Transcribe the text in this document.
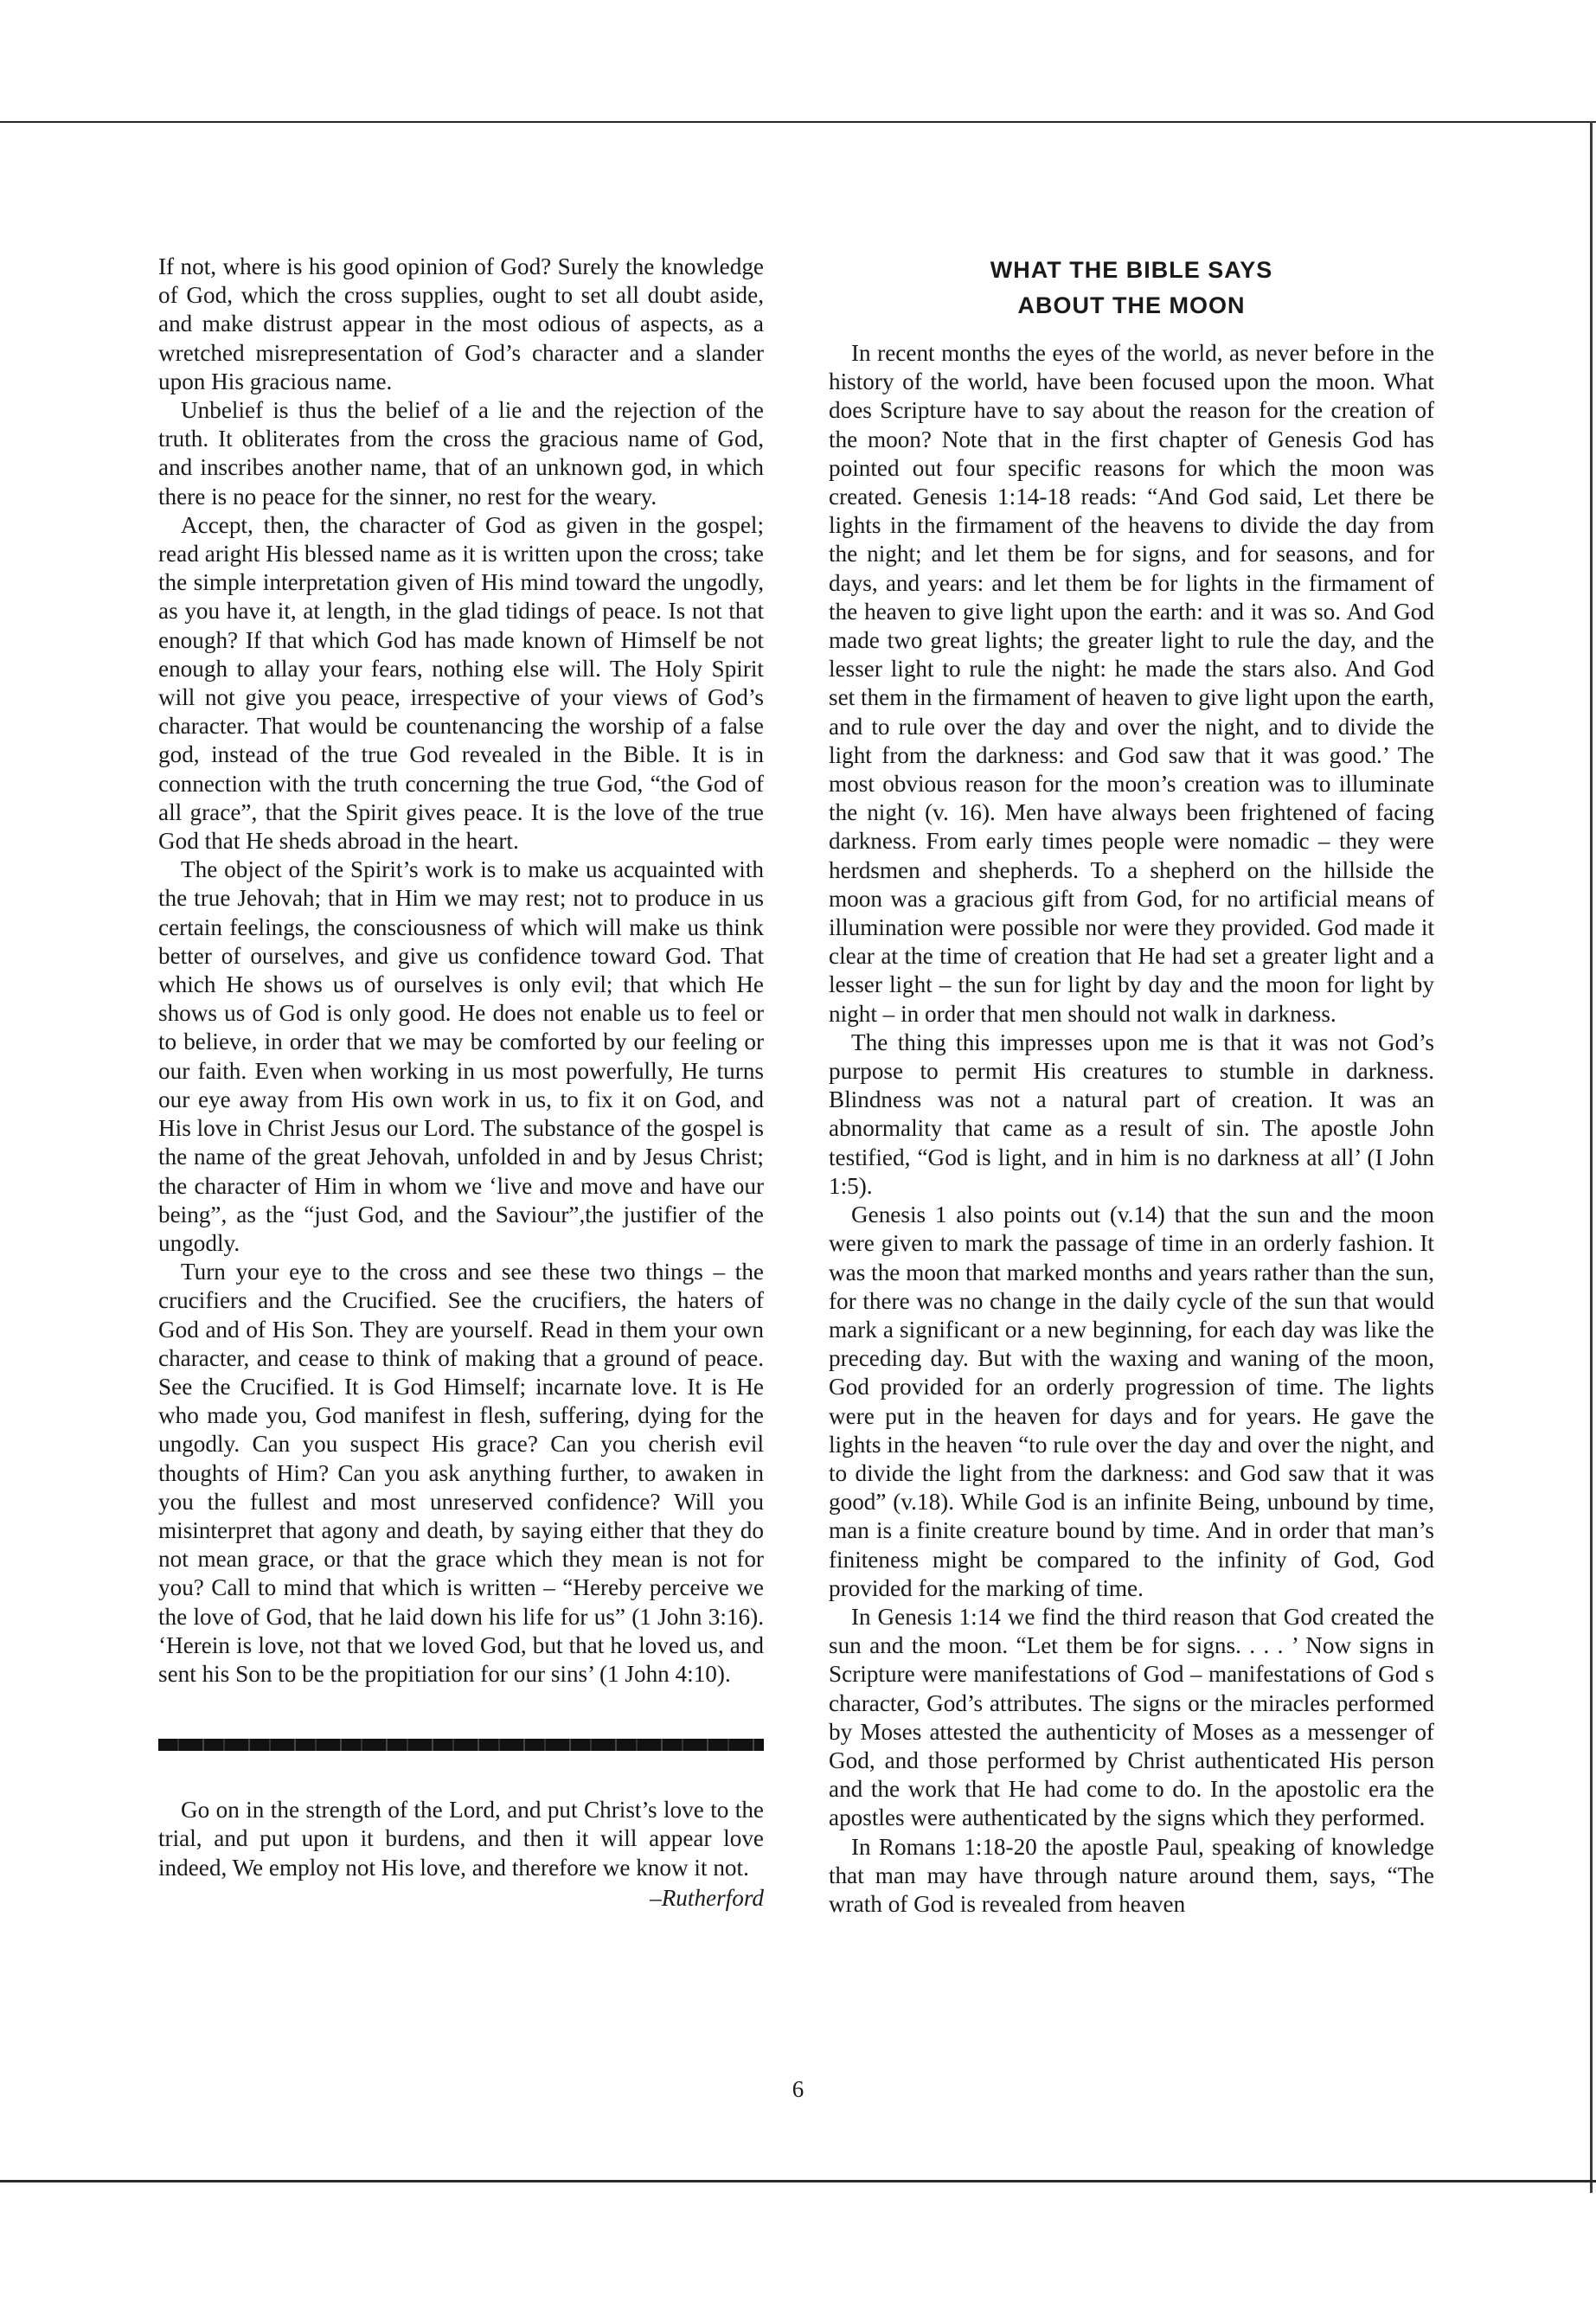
If not, where is his good opinion of God? Surely the knowledge of God, which the cross supplies, ought to set all doubt aside, and make distrust appear in the most odious of aspects, as a wretched misrepresentation of God’s character and a slander upon His gracious name.

Unbelief is thus the belief of a lie and the rejection of the truth. It obliterates from the cross the gracious name of God, and inscribes another name, that of an unknown god, in which there is no peace for the sinner, no rest for the weary.

Accept, then, the character of God as given in the gospel; read aright His blessed name as it is written upon the cross; take the simple interpretation given of His mind toward the ungodly, as you have it, at length, in the glad tidings of peace. Is not that enough? If that which God has made known of Himself be not enough to allay your fears, nothing else will. The Holy Spirit will not give you peace, irrespective of your views of God’s character. That would be countenancing the worship of a false god, instead of the true God revealed in the Bible. It is in connection with the truth concerning the true God, “the God of all grace”, that the Spirit gives peace. It is the love of the true God that He sheds abroad in the heart.

The object of the Spirit’s work is to make us acquainted with the true Jehovah; that in Him we may rest; not to produce in us certain feelings, the consciousness of which will make us think better of ourselves, and give us confidence toward God. That which He shows us of ourselves is only evil; that which He shows us of God is only good. He does not enable us to feel or to believe, in order that we may be comforted by our feeling or our faith. Even when working in us most powerfully, He turns our eye away from His own work in us, to fix it on God, and His love in Christ Jesus our Lord. The substance of the gospel is the name of the great Jehovah, unfolded in and by Jesus Christ; the character of Him in whom we ‘live and move and have our being”, as the “just God, and the Saviour”,the justifier of the ungodly.

Turn your eye to the cross and see these two things – the crucifiers and the Crucified. See the crucifiers, the haters of God and of His Son. They are yourself. Read in them your own character, and cease to think of making that a ground of peace. See the Crucified. It is God Himself; incarnate love. It is He who made you, God manifest in flesh, suffering, dying for the ungodly. Can you suspect His grace? Can you cherish evil thoughts of Him? Can you ask anything further, to awaken in you the fullest and most unreserved confidence? Will you misinterpret that agony and death, by saying either that they do not mean grace, or that the grace which they mean is not for you? Call to mind that which is written – “Hereby perceive we the love of God, that he laid down his life for us” (1 John 3:16). ‘Herein is love, not that we loved God, but that he loved us, and sent his Son to be the propitiation for our sins’ (1 John 4:10).

Go on in the strength of the Lord, and put Christ’s love to the trial, and put upon it burdens, and then it will appear love indeed, We employ not His love, and therefore we know it not.

–Rutherford
WHAT THE BIBLE SAYS
ABOUT THE MOON

In recent months the eyes of the world, as never before in the history of the world, have been focused upon the moon. What does Scripture have to say about the reason for the creation of the moon? Note that in the first chapter of Genesis God has pointed out four specific reasons for which the moon was created. Genesis 1:14-18 reads: “And God said, Let there be lights in the firmament of the heavens to divide the day from the night; and let them be for signs, and for seasons, and for days, and years: and let them be for lights in the firmament of the heaven to give light upon the earth: and it was so. And God made two great lights; the greater light to rule the day, and the lesser light to rule the night: he made the stars also. And God set them in the firmament of heaven to give light upon the earth, and to rule over the day and over the night, and to divide the light from the darkness: and God saw that it was good.’ The most obvious reason for the moon’s creation was to illuminate the night (v. 16). Men have always been frightened of facing darkness. From early times people were nomadic – they were herdsmen and shepherds. To a shepherd on the hillside the moon was a gracious gift from God, for no artificial means of illumination were possible nor were they provided. God made it clear at the time of creation that He had set a greater light and a lesser light – the sun for light by day and the moon for light by night – in order that men should not walk in darkness.

The thing this impresses upon me is that it was not God’s purpose to permit His creatures to stumble in darkness. Blindness was not a natural part of creation. It was an abnormality that came as a result of sin. The apostle John testified, “God is light, and in him is no darkness at all’ (I John 1:5).

Genesis 1 also points out (v.14) that the sun and the moon were given to mark the passage of time in an orderly fashion. It was the moon that marked months and years rather than the sun, for there was no change in the daily cycle of the sun that would mark a significant or a new beginning, for each day was like the preceding day. But with the waxing and waning of the moon, God provided for an orderly progression of time. The lights were put in the heaven for days and for years. He gave the lights in the heaven “to rule over the day and over the night, and to divide the light from the darkness: and God saw that it was good” (v.18). While God is an infinite Being, unbound by time, man is a finite creature bound by time. And in order that man’s finiteness might be compared to the infinity of God, God provided for the marking of time.

In Genesis 1:14 we find the third reason that God created the sun and the moon. “Let them be for signs. . . . ’ Now signs in Scripture were manifestations of God – manifestations of God s character, God’s attributes. The signs or the miracles performed by Moses attested the authenticity of Moses as a messenger of God, and those performed by Christ authenticated His person and the work that He had come to do. In the apostolic era the apostles were authenticated by the signs which they performed.

In Romans 1:18-20 the apostle Paul, speaking of knowledge that man may have through nature around them, says, “The wrath of God is revealed from heaven

6
